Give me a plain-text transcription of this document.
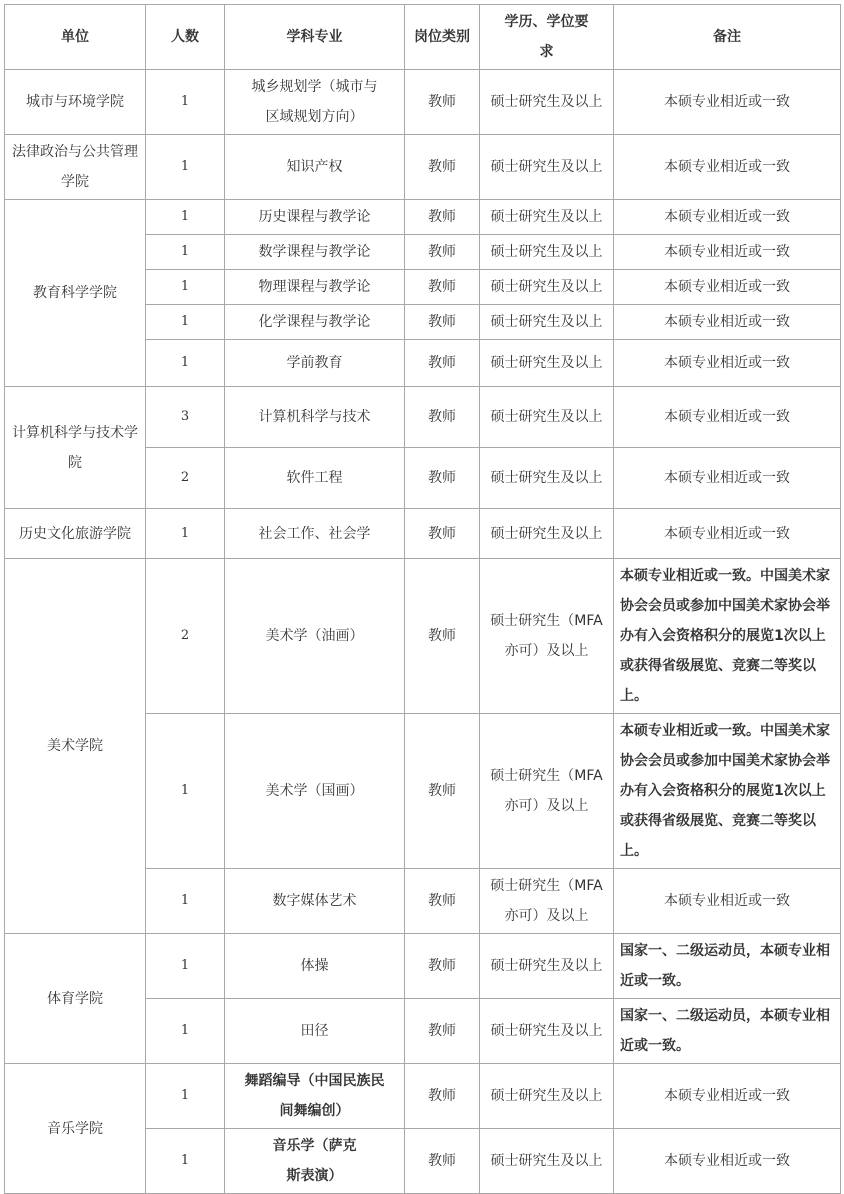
单位	人数	学科专业	岗位类别	学历、学位要求	备注
城市与环境学院	1	城乡规划学（城市与区域规划方向）	教师	硕士研究生及以上	本硕专业相近或一致
法律政治与公共管理学院	1	知识产权	教师	硕士研究生及以上	本硕专业相近或一致
教育科学学院	1	历史课程与教学论	教师	硕士研究生及以上	本硕专业相近或一致
	1	数学课程与教学论	教师	硕士研究生及以上	本硕专业相近或一致
	1	物理课程与教学论	教师	硕士研究生及以上	本硕专业相近或一致
	1	化学课程与教学论	教师	硕士研究生及以上	本硕专业相近或一致
	1	学前教育	教师	硕士研究生及以上	本硕专业相近或一致
计算机科学与技术学院	3	计算机科学与技术	教师	硕士研究生及以上	本硕专业相近或一致
	2	软件工程	教师	硕士研究生及以上	本硕专业相近或一致
历史文化旅游学院	1	社会工作、社会学	教师	硕士研究生及以上	本硕专业相近或一致
美术学院	2	美术学（油画）	教师	硕士研究生（MFA亦可）及以上	本硕专业相近或一致。中国美术家协会会员或参加中国美术家协会举办有入会资格积分的展览1次以上或获得省级展览、竞赛二等奖以上。
	1	美术学（国画）	教师	硕士研究生（MFA亦可）及以上	本硕专业相近或一致。中国美术家协会会员或参加中国美术家协会举办有入会资格积分的展览1次以上或获得省级展览、竞赛二等奖以上。
	1	数字媒体艺术	教师	硕士研究生（MFA亦可）及以上	本硕专业相近或一致
体育学院	1	体操	教师	硕士研究生及以上	国家一、二级运动员，本硕专业相近或一致。
	1	田径	教师	硕士研究生及以上	国家一、二级运动员，本硕专业相近或一致。
音乐学院	1	舞蹈编导（中国民族民间舞编创）	教师	硕士研究生及以上	本硕专业相近或一致
	1	音乐学（萨克斯表演）	教师	硕士研究生及以上	本硕专业相近或一致
